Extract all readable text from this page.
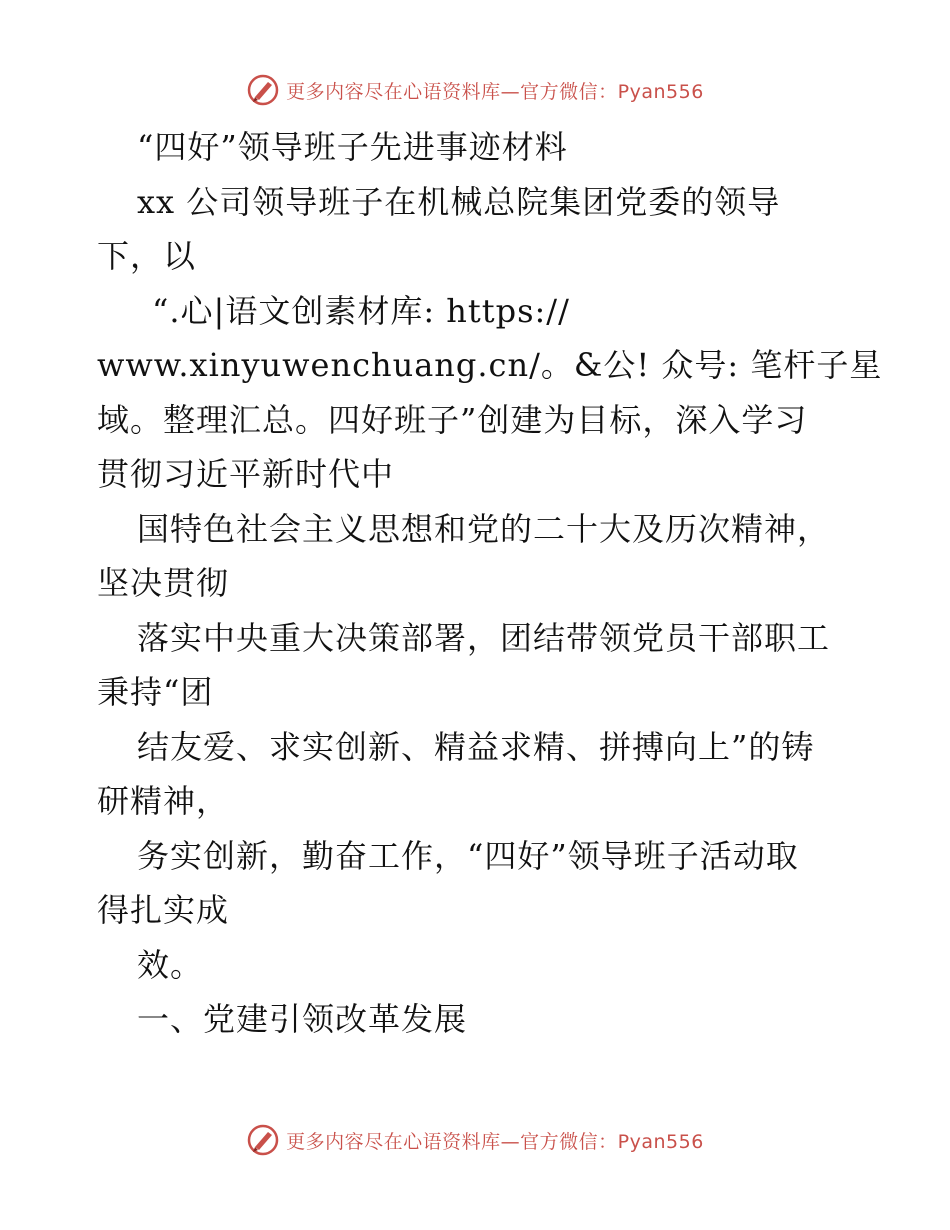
更多内容尽在心语资料库—官方微信：Pyan556
“四好”领导班子先进事迹材料
xx 公司领导班子在机械总院集团党委的领导
下，以
“.心|语文创素材库: https://
www.xinyuwenchuang.cn/。&公! 众号: 笔杆子星
域。整理汇总。四好班子”创建为目标，深入学习
贯彻习近平新时代中
国特色社会主义思想和党的二十大及历次精神，
坚决贯彻
落实中央重大决策部署，团结带领党员干部职工
秉持“团
结友爱、求实创新、精益求精、拼搏向上”的铸
研精神，
务实创新，勤奋工作，“四好”领导班子活动取
得扎实成
效。
一、党建引领改革发展
更多内容尽在心语资料库—官方微信：Pyan556
